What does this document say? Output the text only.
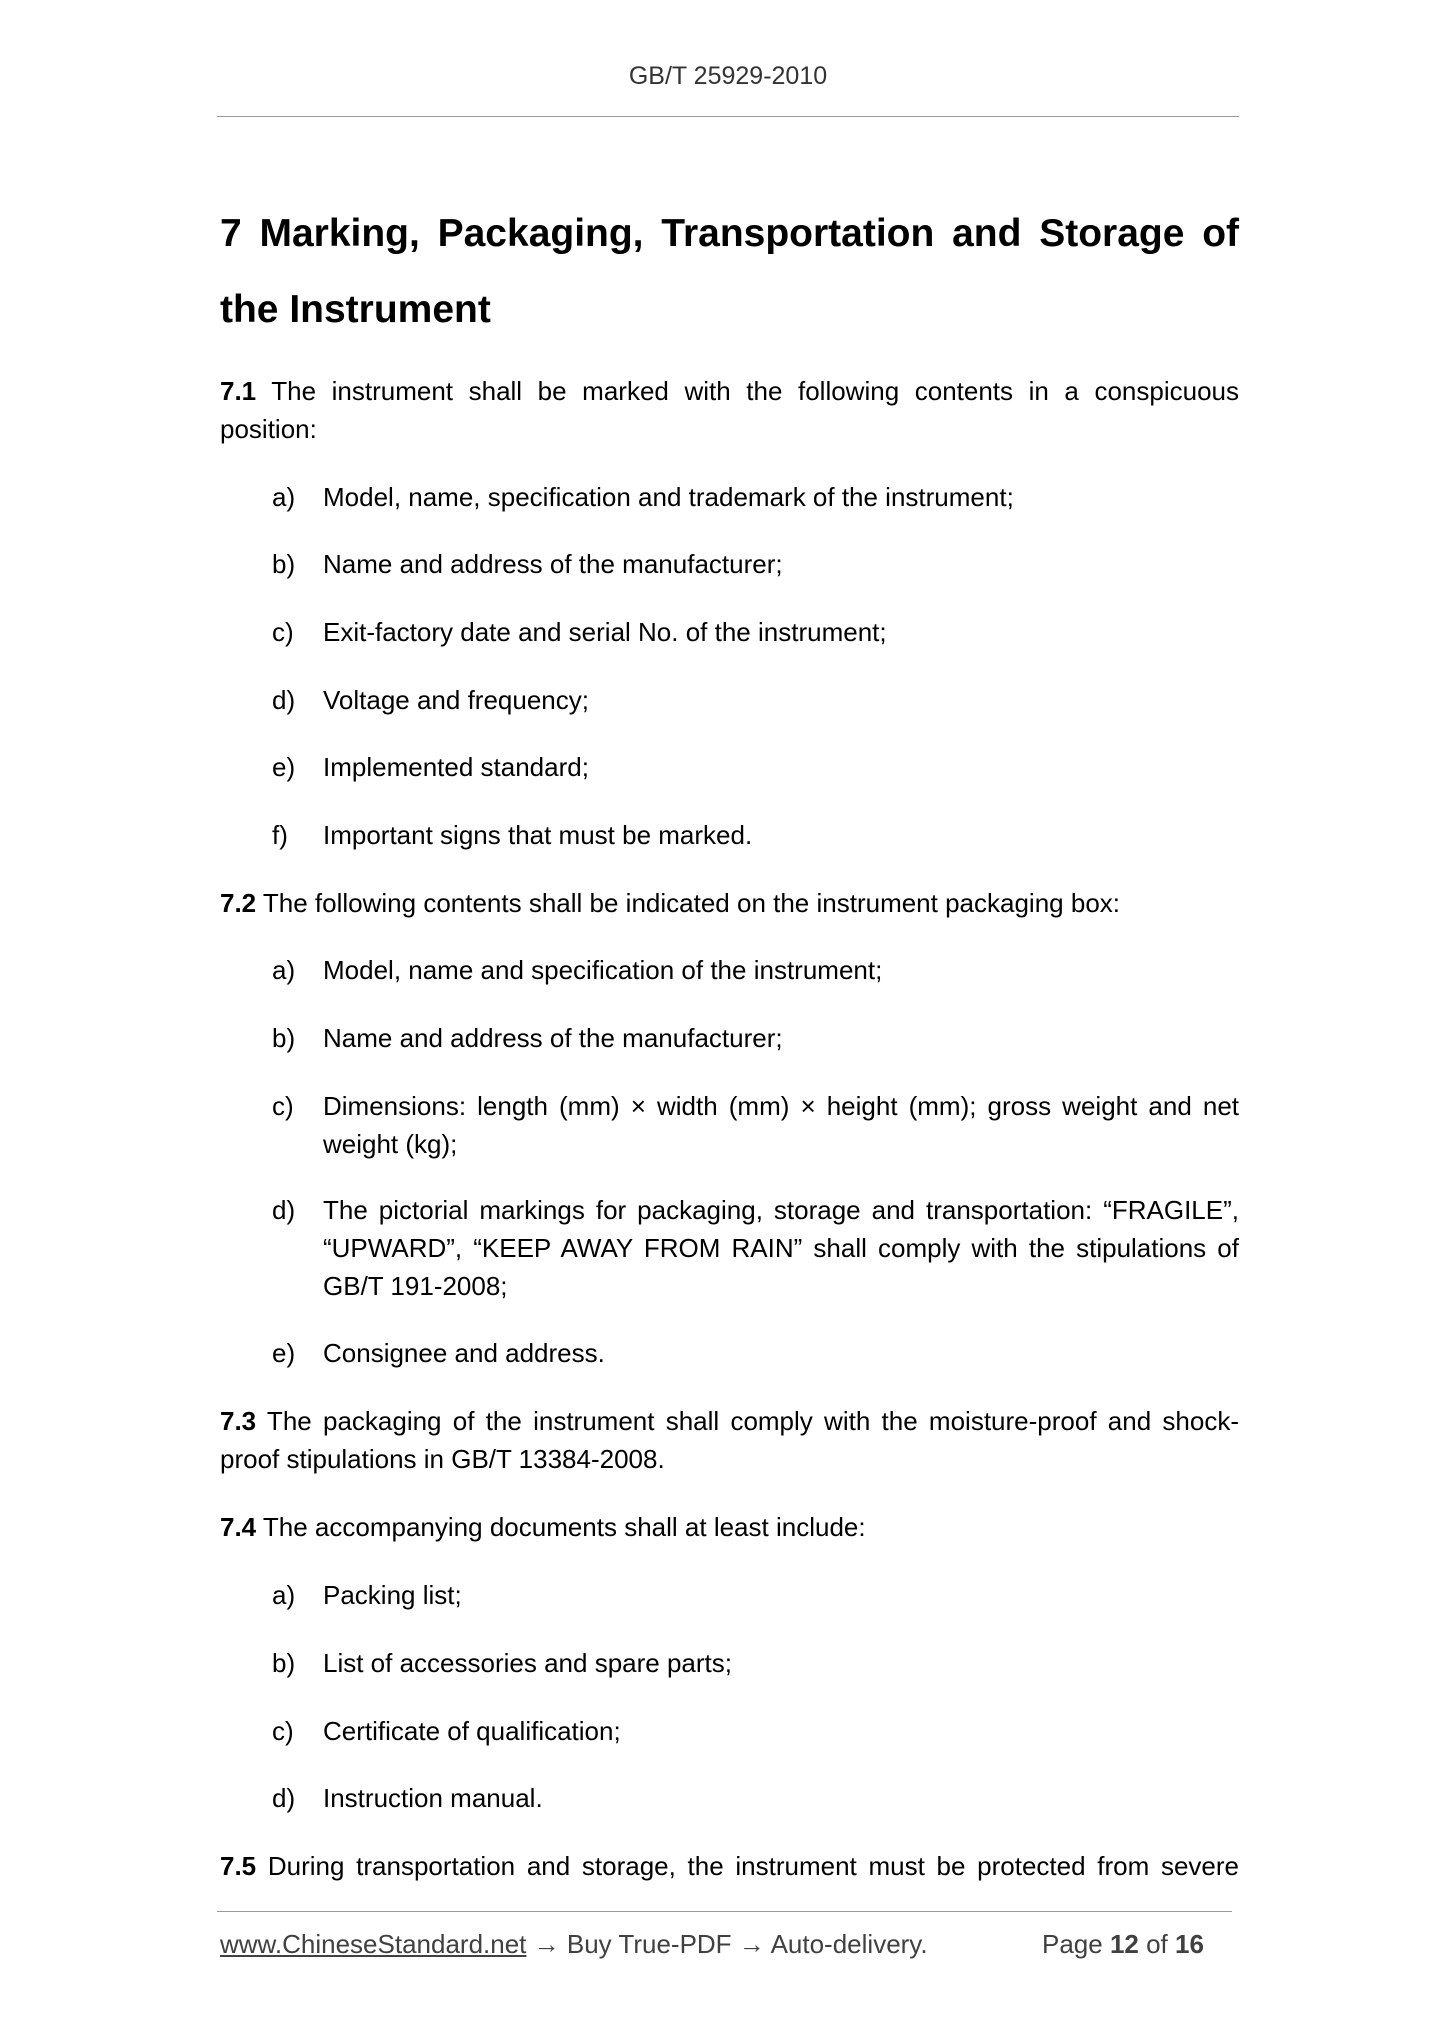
GB/T 25929-2010
7 Marking, Packaging, Transportation and Storage of
the Instrument

7.1 The instrument shall be marked with the following contents in a conspicuous position:

a)	Model, name, specification and trademark of the instrument;
b)	Name and address of the manufacturer;
c)	Exit-factory date and serial No. of the instrument;
d)	Voltage and frequency;
e)	Implemented standard;
f)	Important signs that must be marked.

7.2 The following contents shall be indicated on the instrument packaging box:

a)	Model, name and specification of the instrument;
b)	Name and address of the manufacturer;
c)	Dimensions: length (mm) × width (mm) × height (mm); gross weight and net weight (kg);
d)	The pictorial markings for packaging, storage and transportation: “FRAGILE”, “UPWARD”, “KEEP AWAY FROM RAIN” shall comply with the stipulations of GB/T 191-2008;
e)	Consignee and address.

7.3 The packaging of the instrument shall comply with the moisture-proof and shock-proof stipulations in GB/T 13384-2008.

7.4 The accompanying documents shall at least include:

a)	Packing list;
b)	List of accessories and spare parts;
c)	Certificate of qualification;
d)	Instruction manual.

7.5 During transportation and storage, the instrument must be protected from severe

www.ChineseStandard.net → Buy True-PDF → Auto-delivery.	Page 12 of 16
